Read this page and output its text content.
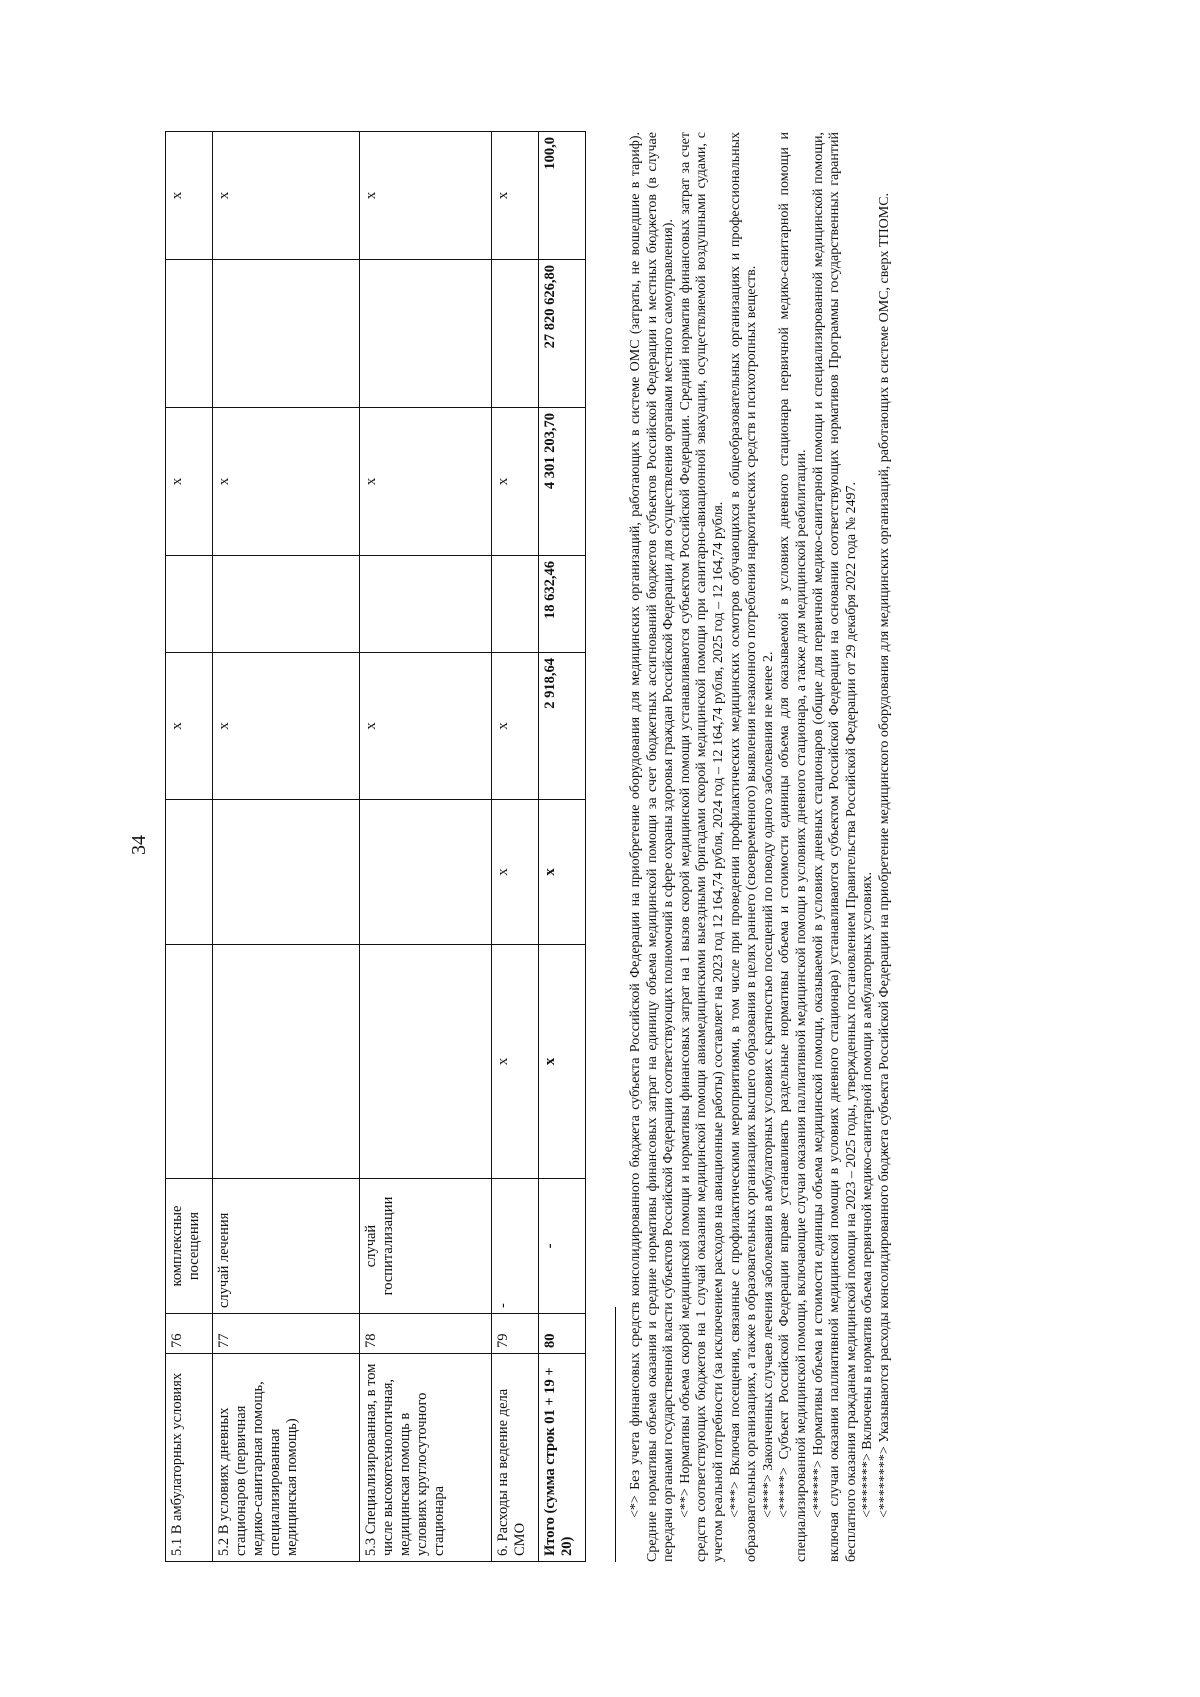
34
5.1 В амбулаторных условиях	76	комплексные посещения			х		х		х
5.2 В условиях дневных стационаров (первичная медико-санитарная помощь, специализированная медицинская помощь)	77	случай лечения			х		х		х
5.3 Специализированная, в том числе высокотехнологичная, медицинская помощь в условиях круглосуточного стационара	78	случай госпитализации			х		х		х
6. Расходы на ведение дела СМО	79	-	х	х	х		х		х
Итого (сумма строк 01 + 19 + 20)	80	-	х	х	2 918,64	18 632,46	4 301 203,70	27 820 626,80	100,0	<*> Без учета финансовых средств консолидированного бюджета субъекта Российской Федерации на приобретение оборудования для медицинских организаций, работающих в системе ОМС (затраты, не вошедшие в тариф). Средние нормативы объема оказания и средние нормативы финансовых затрат на единицу объема медицинской помощи за счет бюджетных ассигнований бюджетов субъектов Российской Федерации и местных бюджетов (в случае передачи органами государственной власти субъектов Российской Федерации соответствующих полномочий в сфере охраны здоровья граждан Российской Федерации для осуществления органами местного самоуправления). <**> Нормативы объема скорой медицинской помощи и нормативы финансовых затрат на 1 вызов скорой медицинской помощи устанавливаются субъектом Российской Федерации. Средний норматив финансовых затрат за счет средств соответствующих бюджетов на 1 случай оказания медицинской помощи авиамедицинскими выездными бригадами скорой медицинской помощи при санитарно-авиационной эвакуации, осуществляемой воздушными судами, с учетом реальной потребности (за исключением расходов на авиационные работы) составляет на 2023 год 12 164,74 рубля, 2024 год – 12 164,74 рубля, 2025 год – 12 164,74 рубля. <***> Включая посещения, связанные с профилактическими мероприятиями, в том числе при проведении профилактических медицинских осмотров обучающихся в общеобразовательных организациях и профессиональных образовательных организациях, а также в образовательных организациях высшего образования в целях раннего (своевременного) выявления незаконного потребления наркотических средств и психотропных веществ. <****> Законченных случаев лечения заболевания в амбулаторных условиях с кратностью посещений по поводу одного заболевания не менее 2. <*****> Субъект Российской Федерации вправе устанавливать раздельные нормативы объема и стоимости единицы объема для оказываемой в условиях дневного стационара первичной медико-санитарной помощи и специализированной медицинской помощи, включающие случаи оказания паллиативной медицинской помощи в условиях дневного стационара, а также для медицинской реабилитации. <******> Нормативы объема и стоимости единицы объема медицинской помощи, оказываемой в условиях дневных стационаров (общие для первичной медико-санитарной помощи и специализированной медицинской помощи, включая случаи оказания паллиативной медицинской помощи в условиях дневного стационара) устанавливаются субъектом Российской Федерации на основании соответствующих нормативов Программы государственных гарантий бесплатного оказания гражданам медицинской помощи на 2023 – 2025 годы, утвержденных постановлением Правительства Российской Федерации от 29 декабря 2022 года № 2497. <*******> Включены в норматив объема первичной медико-санитарной помощи в амбулаторных условиях. <********> Указываются расходы консолидированного бюджета субъекта Российской Федерации на приобретение медицинского оборудования для медицинских организаций, работающих в системе ОМС, сверх ТПОМС.
